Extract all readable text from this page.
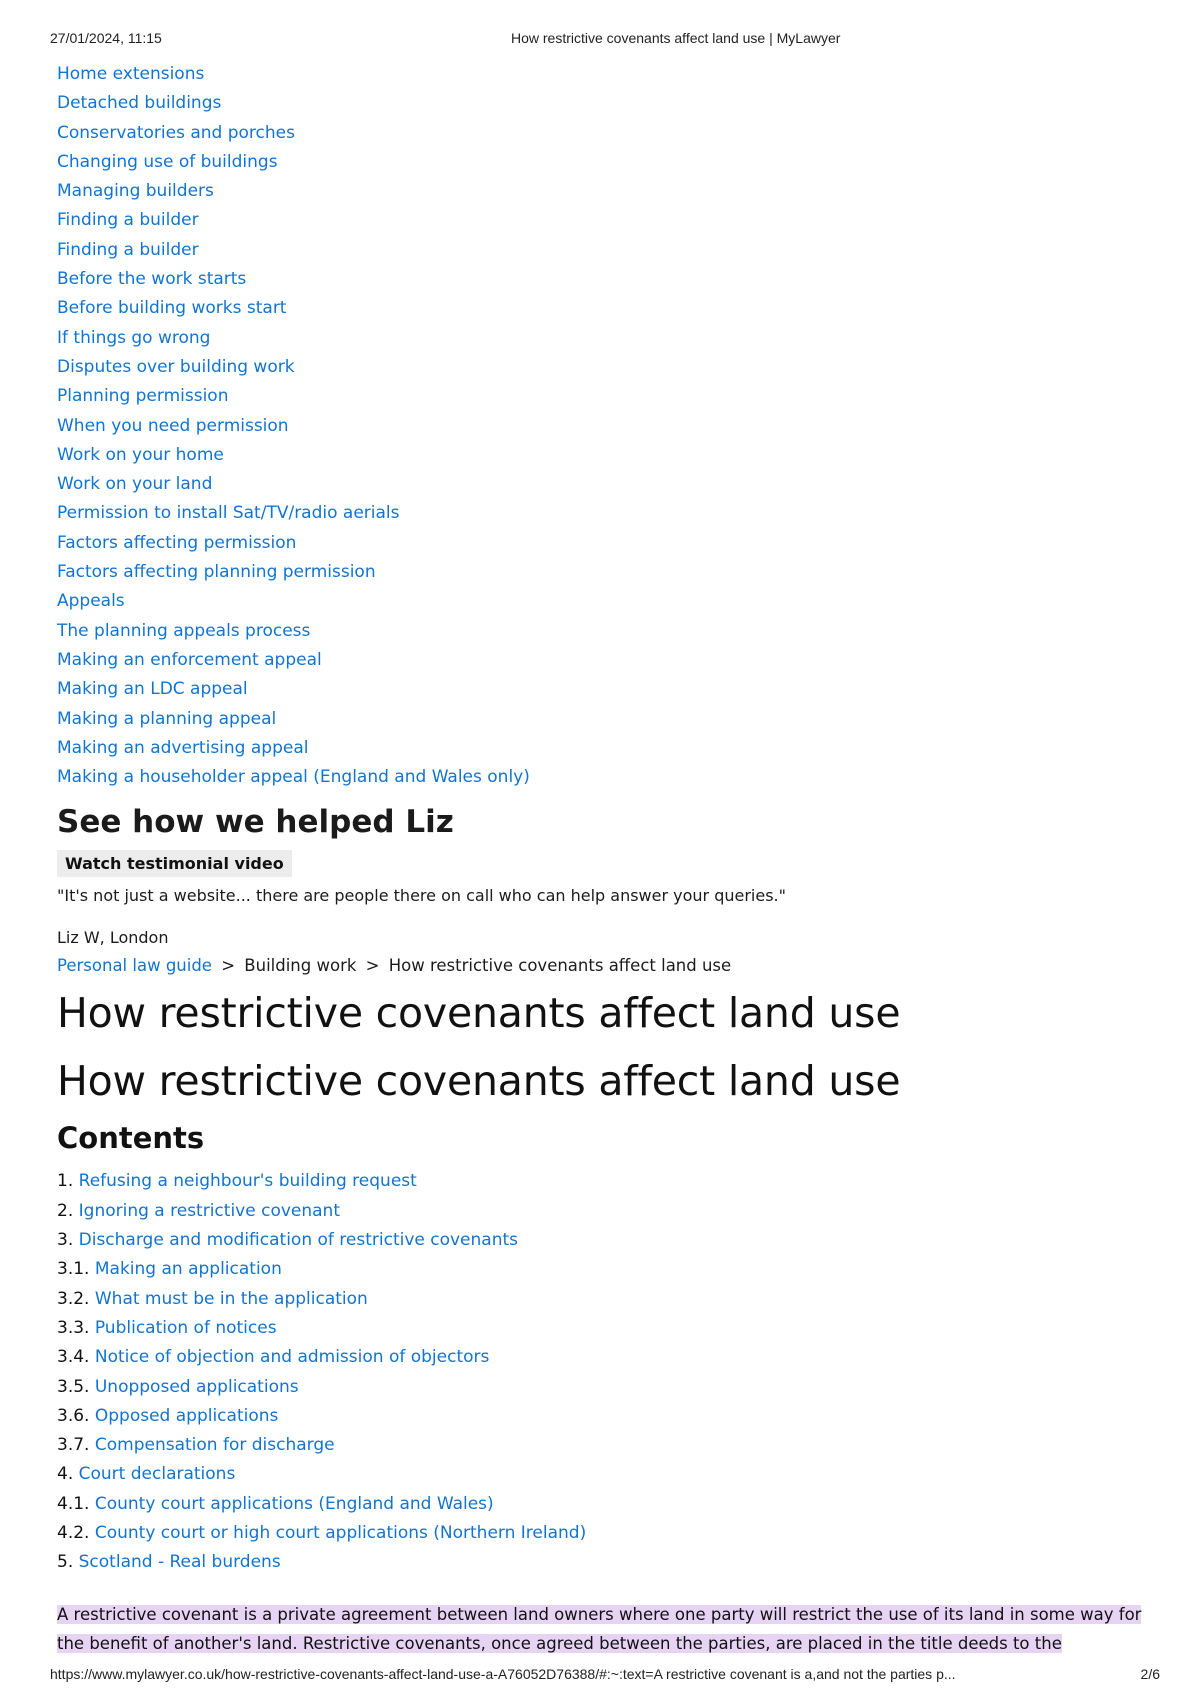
27/01/2024, 11:15	How restrictive covenants affect land use | MyLawyer
Home extensions
Detached buildings
Conservatories and porches
Changing use of buildings
Managing builders
Finding a builder
Finding a builder
Before the work starts
Before building works start
If things go wrong
Disputes over building work
Planning permission
When you need permission
Work on your home
Work on your land
Permission to install Sat/TV/radio aerials
Factors affecting permission
Factors affecting planning permission
Appeals
The planning appeals process
Making an enforcement appeal
Making an LDC appeal
Making a planning appeal
Making an advertising appeal
Making a householder appeal (England and Wales only)
See how we helped Liz
Watch testimonial video
"It's not just a website... there are people there on call who can help answer your queries."
Liz W, London
Personal law guide > Building work > How restrictive covenants affect land use
How restrictive covenants affect land use
How restrictive covenants affect land use
Contents
1. Refusing a neighbour's building request
2. Ignoring a restrictive covenant
3. Discharge and modification of restrictive covenants
3.1. Making an application
3.2. What must be in the application
3.3. Publication of notices
3.4. Notice of objection and admission of objectors
3.5. Unopposed applications
3.6. Opposed applications
3.7. Compensation for discharge
4. Court declarations
4.1. County court applications (England and Wales)
4.2. County court or high court applications (Northern Ireland)
5. Scotland - Real burdens
A restrictive covenant is a private agreement between land owners where one party will restrict the use of its land in some way for the benefit of another's land. Restrictive covenants, once agreed between the parties, are placed in the title deeds to the
https://www.mylawyer.co.uk/how-restrictive-covenants-affect-land-use-a-A76052D76388/#:~:text=A restrictive covenant is a,and not the parties p...	2/6
